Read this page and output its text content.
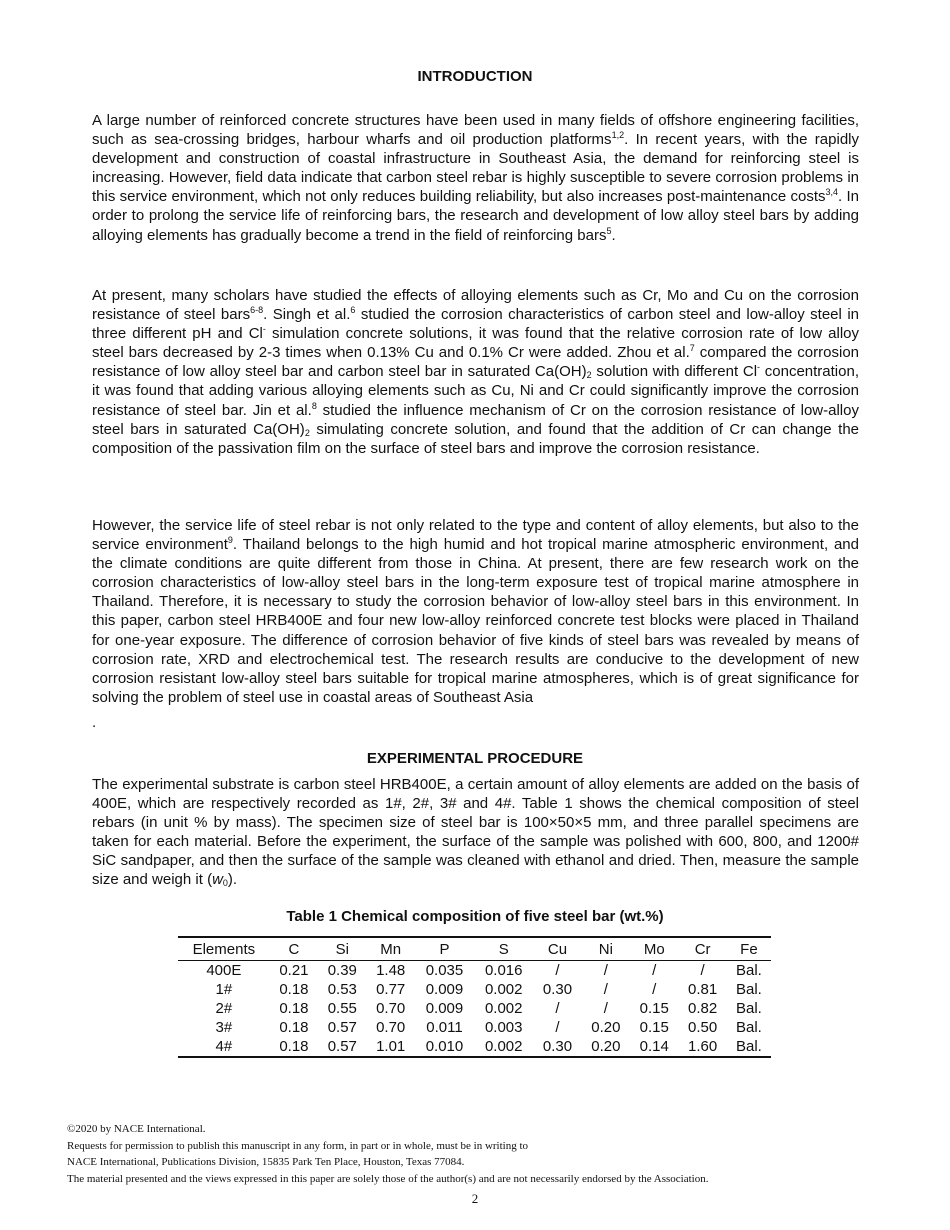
INTRODUCTION

A large number of reinforced concrete structures have been used in many fields of offshore engineering facilities, such as sea-crossing bridges, harbour wharfs and oil production platforms$^{1,2}$. In recent years, with the rapidly development and construction of coastal infrastructure in Southeast Asia, the demand for reinforcing steel is increasing. However, field data indicate that carbon steel rebar is highly susceptible to severe corrosion problems in this service environment, which not only reduces building reliability, but also increases post-maintenance costs$^{3,4}$. In order to prolong the service life of reinforcing bars, the research and development of low alloy steel bars by adding alloying elements has gradually become a trend in the field of reinforcing bars$^5$.

At present, many scholars have studied the effects of alloying elements such as Cr, Mo and Cu on the corrosion resistance of steel bars$^{6-8}$. Singh et al.$^6$ studied the corrosion characteristics of carbon steel and low-alloy steel in three different pH and Cl- simulation concrete solutions, it was found that the relative corrosion rate of low alloy steel bars decreased by 2-3 times when 0.13% Cu and 0.1% Cr were added. Zhou et al.$^7$ compared the corrosion resistance of low alloy steel bar and carbon steel bar in saturated $Ca(OH)_2$ solution with different Cl- concentration, it was found that adding various alloying elements such as Cu, Ni and Cr could significantly improve the corrosion resistance of steel bar. Jin et al.$^8$ studied the influence mechanism of Cr on the corrosion resistance of low-alloy steel bars in saturated $Ca(OH)_2$ simulating concrete solution, and found that the addition of Cr can change the composition of the passivation film on the surface of steel bars and improve the corrosion resistance.

However, the service life of steel rebar is not only related to the type and content of alloy elements, but also to the service environment$^9$. Thailand belongs to the high humid and hot tropical marine atmospheric environment, and the climate conditions are quite different from those in China. At present, there are few research work on the corrosion characteristics of low-alloy steel bars in the long-term exposure test of tropical marine atmosphere in Thailand. Therefore, it is necessary to study the corrosion behavior of low-alloy steel bars in this environment. In this paper, carbon steel HRB400E and four new low-alloy reinforced concrete test blocks were placed in Thailand for one-year exposure. The difference of corrosion behavior of five kinds of steel bars was revealed by means of corrosion rate, XRD and electrochemical test. The research results are conducive to the development of new corrosion resistant low-alloy steel bars suitable for tropical marine atmospheres, which is of great significance for solving the problem of steel use in coastal areas of Southeast Asia

.

EXPERIMENTAL PROCEDURE

The experimental substrate is carbon steel HRB400E, a certain amount of alloy elements are added on the basis of 400E, which are respectively recorded as 1#, 2#, 3# and 4#. Table 1 shows the chemical composition of steel rebars (in unit % by mass). The specimen size of steel bar is 100×50×5 mm, and three parallel specimens are taken for each material. Before the experiment, the surface of the sample was polished with 600, 800, and 1200# SiC sandpaper, and then the surface of the sample was cleaned with ethanol and dried. Then, measure the sample size and weigh it $(w_0)$.

Table 1 Chemical composition of five steel bar (wt.%)
Elements	C	Si	Mn	P	S	Cu	Ni	Mo	Cr	Fe
400E	0.21	0.39	1.48	0.035	0.016	/	/	/	/	Bal.
1#	0.18	0.53	0.77	0.009	0.002	0.30	/	/	0.81	Bal.
2#	0.18	0.55	0.70	0.009	0.002	/	/	0.15	0.82	Bal.
3#	0.18	0.57	0.70	0.011	0.003	/	0.20	0.15	0.50	Bal.
4#	0.18	0.57	1.01	0.010	0.002	0.30	0.20	0.14	1.60	Bal.
©2020 by NACE International.
Requests for permission to publish this manuscript in any form, in part or in whole, must be in writing to
NACE International, Publications Division, 15835 Park Ten Place, Houston, Texas 77084.
The material presented and the views expressed in this paper are solely those of the author(s) and are not necessarily endorsed by the Association.
2
